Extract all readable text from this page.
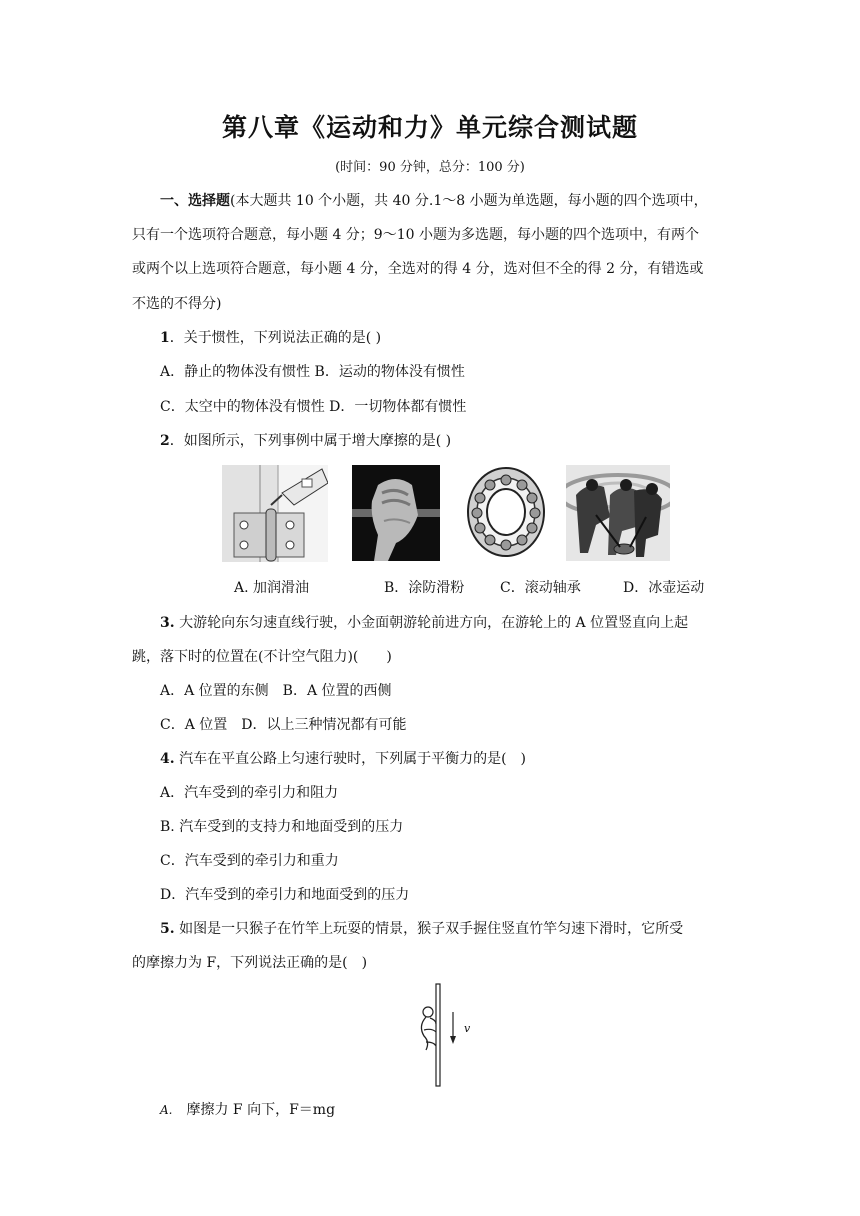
第八章《运动和力》单元综合测试题
(时间：90 分钟，总分：100 分)
一、选择题(本大题共 10 个小题，共 40 分.1～8 小题为单选题，每小题的四个选项中，
只有一个选项符合题意，每小题 4 分；9～10 小题为多选题，每小题的四个选项中，有两个
或两个以上选项符合题意，每小题 4 分，全选对的得 4 分，选对但不全的得 2 分，有错选或
不选的不得分)
1．关于惯性，下列说法正确的是( )
A．静止的物体没有惯性 B．运动的物体没有惯性
C．太空中的物体没有惯性 D．一切物体都有惯性
2．如图所示，下列事例中属于增大摩擦的是( )
A. 加润滑油	B．涂防滑粉	C．滚动轴承	D．冰壶运动
3. 大游轮向东匀速直线行驶，小金面朝游轮前进方向，在游轮上的 A 位置竖直向上起
跳，落下时的位置在(不计空气阻力)(　　)
A．A 位置的东侧　B．A 位置的西侧
C．A 位置　D．以上三种情况都有可能
4. 汽车在平直公路上匀速行驶时，下列属于平衡力的是(　)
A．汽车受到的牵引力和阻力
B. 汽车受到的支持力和地面受到的压力
C．汽车受到的牵引力和重力
D．汽车受到的牵引力和地面受到的压力
5. 如图是一只猴子在竹竿上玩耍的情景，猴子双手握住竖直竹竿匀速下滑时，它所受
的摩擦力为 F，下列说法正确的是(　)
v
A. 摩擦力 F 向下，F＝mg
